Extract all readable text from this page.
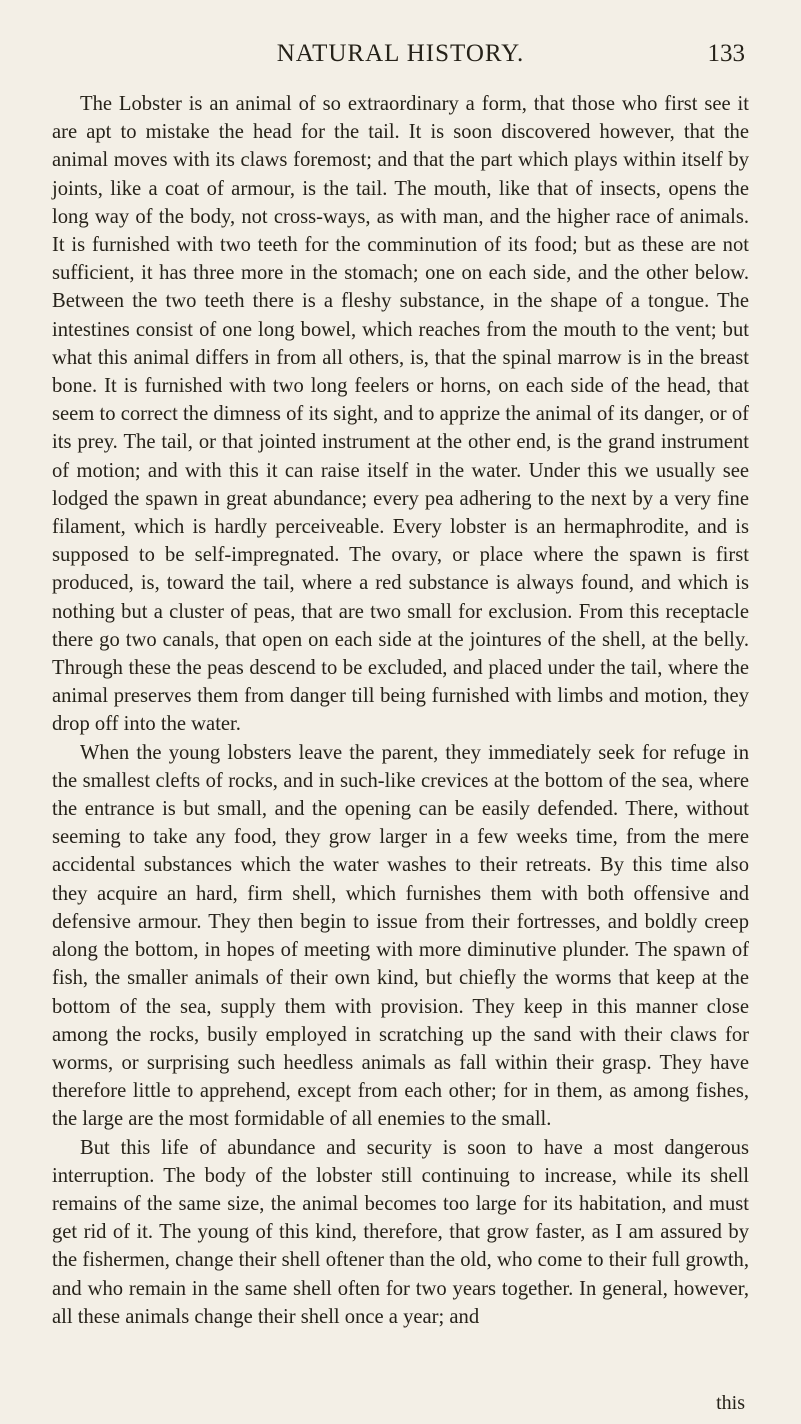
NATURAL HISTORY.	133

The Lobster is an animal of so extraordinary a form, that those who first see it are apt to mistake the head for the tail. It is soon discovered however, that the animal moves with its claws foremost; and that the part which plays within itself by joints, like a coat of armour, is the tail. The mouth, like that of insects, opens the long way of the body, not cross-ways, as with man, and the higher race of animals. It is furnished with two teeth for the comminution of its food; but as these are not sufficient, it has three more in the stomach; one on each side, and the other below. Between the two teeth there is a fleshy substance, in the shape of a tongue. The intestines consist of one long bowel, which reaches from the mouth to the vent; but what this animal differs in from all others, is, that the spinal marrow is in the breast bone. It is furnished with two long feelers or horns, on each side of the head, that seem to correct the dimness of its sight, and to apprize the animal of its danger, or of its prey. The tail, or that jointed instrument at the other end, is the grand instrument of motion; and with this it can raise itself in the water. Under this we usually see lodged the spawn in great abundance; every pea adhering to the next by a very fine filament, which is hardly perceiveable. Every lobster is an hermaphrodite, and is supposed to be self-impregnated. The ovary, or place where the spawn is first produced, is, toward the tail, where a red substance is always found, and which is nothing but a cluster of peas, that are two small for exclusion. From this receptacle there go two canals, that open on each side at the jointures of the shell, at the belly. Through these the peas descend to be excluded, and placed under the tail, where the animal preserves them from danger till being furnished with limbs and motion, they drop off into the water.

When the young lobsters leave the parent, they immediately seek for refuge in the smallest clefts of rocks, and in such-like crevices at the bottom of the sea, where the entrance is but small, and the opening can be easily defended. There, without seeming to take any food, they grow larger in a few weeks time, from the mere accidental substances which the water washes to their retreats. By this time also they acquire an hard, firm shell, which furnishes them with both offensive and defensive armour. They then begin to issue from their fortresses, and boldly creep along the bottom, in hopes of meeting with more diminutive plunder. The spawn of fish, the smaller animals of their own kind, but chiefly the worms that keep at the bottom of the sea, supply them with provision. They keep in this manner close among the rocks, busily employed in scratching up the sand with their claws for worms, or surprising such heedless animals as fall within their grasp. They have therefore little to apprehend, except from each other; for in them, as among fishes, the large are the most formidable of all enemies to the small.

But this life of abundance and security is soon to have a most dangerous interruption. The body of the lobster still continuing to increase, while its shell remains of the same size, the animal becomes too large for its habitation, and must get rid of it. The young of this kind, therefore, that grow faster, as I am assured by the fishermen, change their shell oftener than the old, who come to their full growth, and who remain in the same shell often for two years together. In general, however, all these animals change their shell once a year; and

this
